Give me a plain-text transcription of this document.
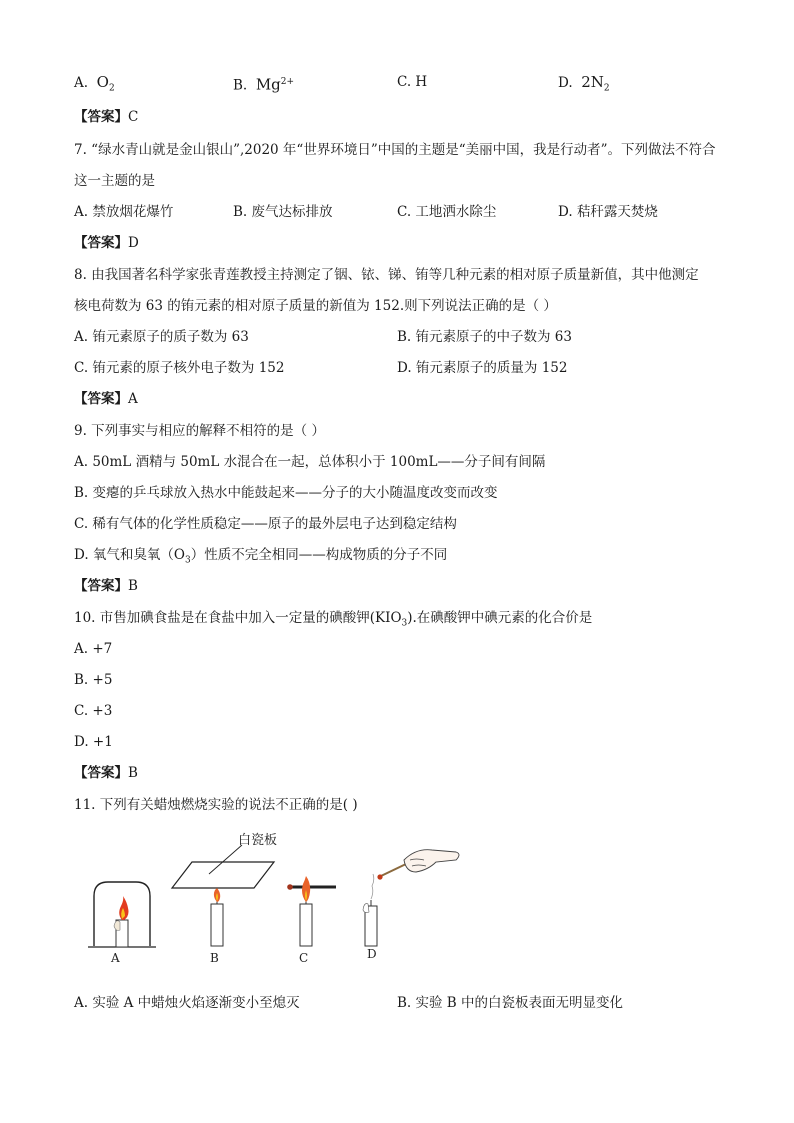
A. $O_2$	B. $Mg^{2+}$	C. H	D. $2N_2$
【答案】C
7. “绿水青山就是金山银山”,2020 年“世界环境日”中国的主题是“美丽中国，我是行动者”。下列做法不符合
这一主题的是
A. 禁放烟花爆竹	B. 废气达标排放	C. 工地洒水除尘	D. 秸秆露天焚烧
【答案】D
8. 由我国著名科学家张青莲教授主持测定了铟、铱、锑、铕等几种元素的相对原子质量新值，其中他测定
核电荷数为 63 的铕元素的相对原子质量的新值为 152.则下列说法正确的是（ ）
A. 铕元素原子的质子数为 63	B. 铕元素原子的中子数为 63
C. 铕元素的原子核外电子数为 152	D. 铕元素原子的质量为 152
【答案】A
9. 下列事实与相应的解释不相符的是（ ）
A. 50mL 酒精与 50mL 水混合在一起，总体积小于 100mL——分子间有间隔
B. 变瘪的乒乓球放入热水中能鼓起来——分子的大小随温度改变而改变
C. 稀有气体的化学性质稳定——原子的最外层电子达到稳定结构
D. 氧气和臭氧$(O_3)$性质不完全相同——构成物质的分子不同
【答案】B
10. 市售加碘食盐是在食盐中加入一定量的碘酸钾$(KIO_3)$.在碘酸钾中碘元素的化合价是
A. +7
B. +5
C. +3
D. +1
【答案】B
11. 下列有关蜡烛燃烧实验的说法不正确的是( )
白瓷板
A	B	C	D
A. 实验 A 中蜡烛火焰逐渐变小至熄灭	B. 实验 B 中的白瓷板表面无明显变化
